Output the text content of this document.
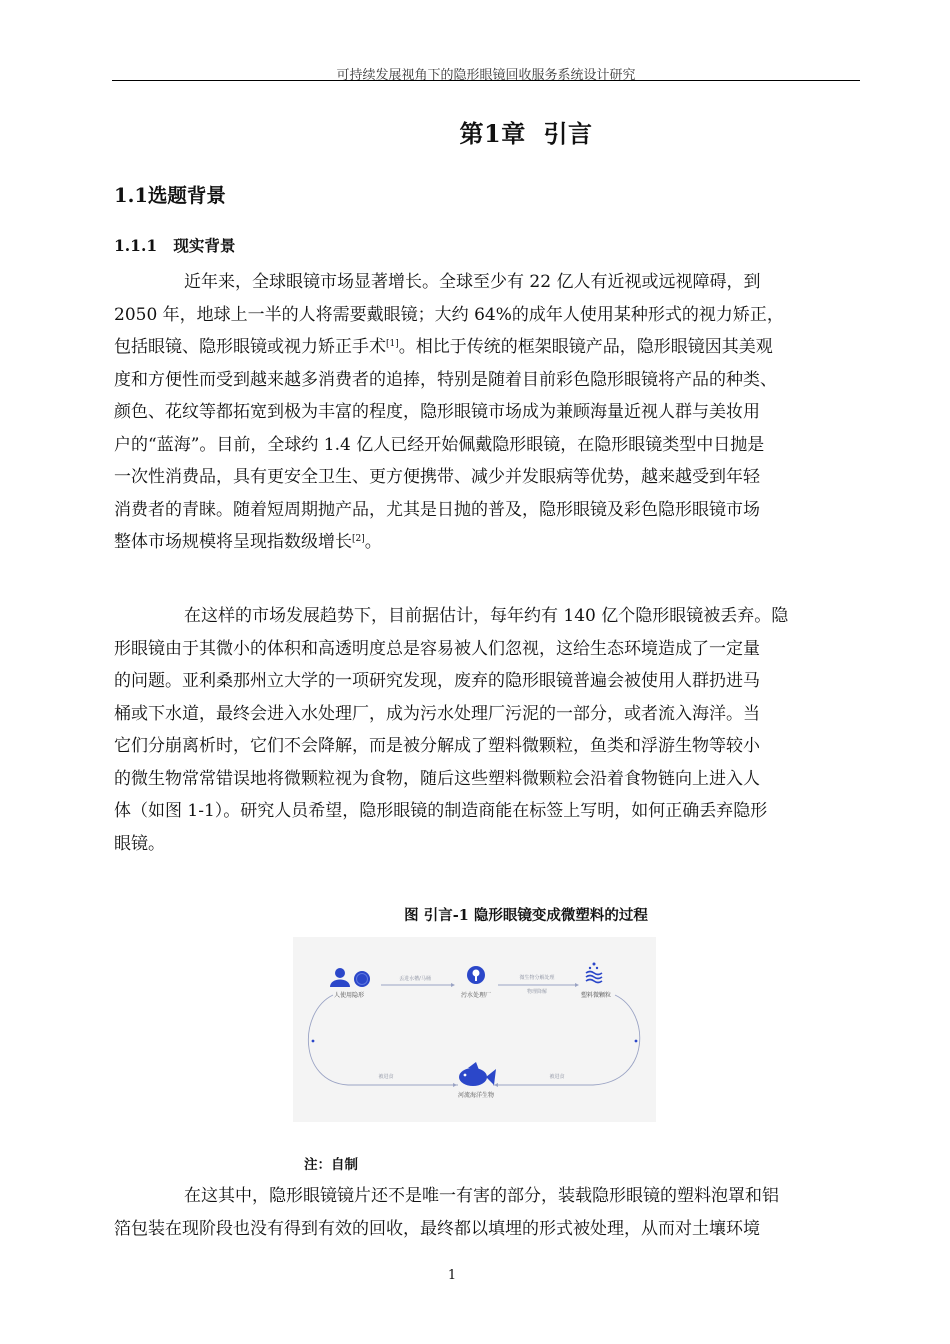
可持续发展视角下的隐形眼镜回收服务系统设计研究
第1章  引言
1.1选题背景
1.1.1   现实背景
近年来，全球眼镜市场显著增长。全球至少有 22 亿人有近视或远视障碍，到
2050 年，地球上一半的人将需要戴眼镜；大约 64%的成年人使用某种形式的视力矫正，
包括眼镜、隐形眼镜或视力矫正手术[1]。相比于传统的框架眼镜产品，隐形眼镜因其美观
度和方便性而受到越来越多消费者的追捧，特别是随着目前彩色隐形眼镜将产品的种类、
颜色、花纹等都拓宽到极为丰富的程度，隐形眼镜市场成为兼顾海量近视人群与美妆用
户的“蓝海”。目前，全球约 1.4 亿人已经开始佩戴隐形眼镜，在隐形眼镜类型中日抛是
一次性消费品，具有更安全卫生、更方便携带、减少并发眼病等优势，越来越受到年轻
消费者的青睐。随着短周期抛产品，尤其是日抛的普及，隐形眼镜及彩色隐形眼镜市场
整体市场规模将呈现指数级增长[2]。
在这样的市场发展趋势下，目前据估计，每年约有 140 亿个隐形眼镜被丢弃。隐
形眼镜由于其微小的体积和高透明度总是容易被人们忽视，这给生态环境造成了一定量
的问题。亚利桑那州立大学的一项研究发现，废弃的隐形眼镜普遍会被使用人群扔进马
桶或下水道，最终会进入水处理厂，成为污水处理厂污泥的一部分，或者流入海洋。当
它们分崩离析时，它们不会降解，而是被分解成了塑料微颗粒，鱼类和浮游生物等较小
的微生物常常错误地将微颗粒视为食物，随后这些塑料微颗粒会沿着食物链向上进入人
体（如图 1-1）。研究人员希望，隐形眼镜的制造商能在标签上写明，如何正确丢弃隐形
眼镜。
图 引言-1 隐形眼镜变成微塑料的过程
人使用隐形	污水处理厂	塑料微颗粒
河流海洋生物
丢进水槽/马桶	微生物分解处理
物理降解
被进食	被进食
注：自制
在这其中，隐形眼镜镜片还不是唯一有害的部分，装载隐形眼镜的塑料泡罩和铝
箔包装在现阶段也没有得到有效的回收，最终都以填埋的形式被处理，从而对土壤环境
1
